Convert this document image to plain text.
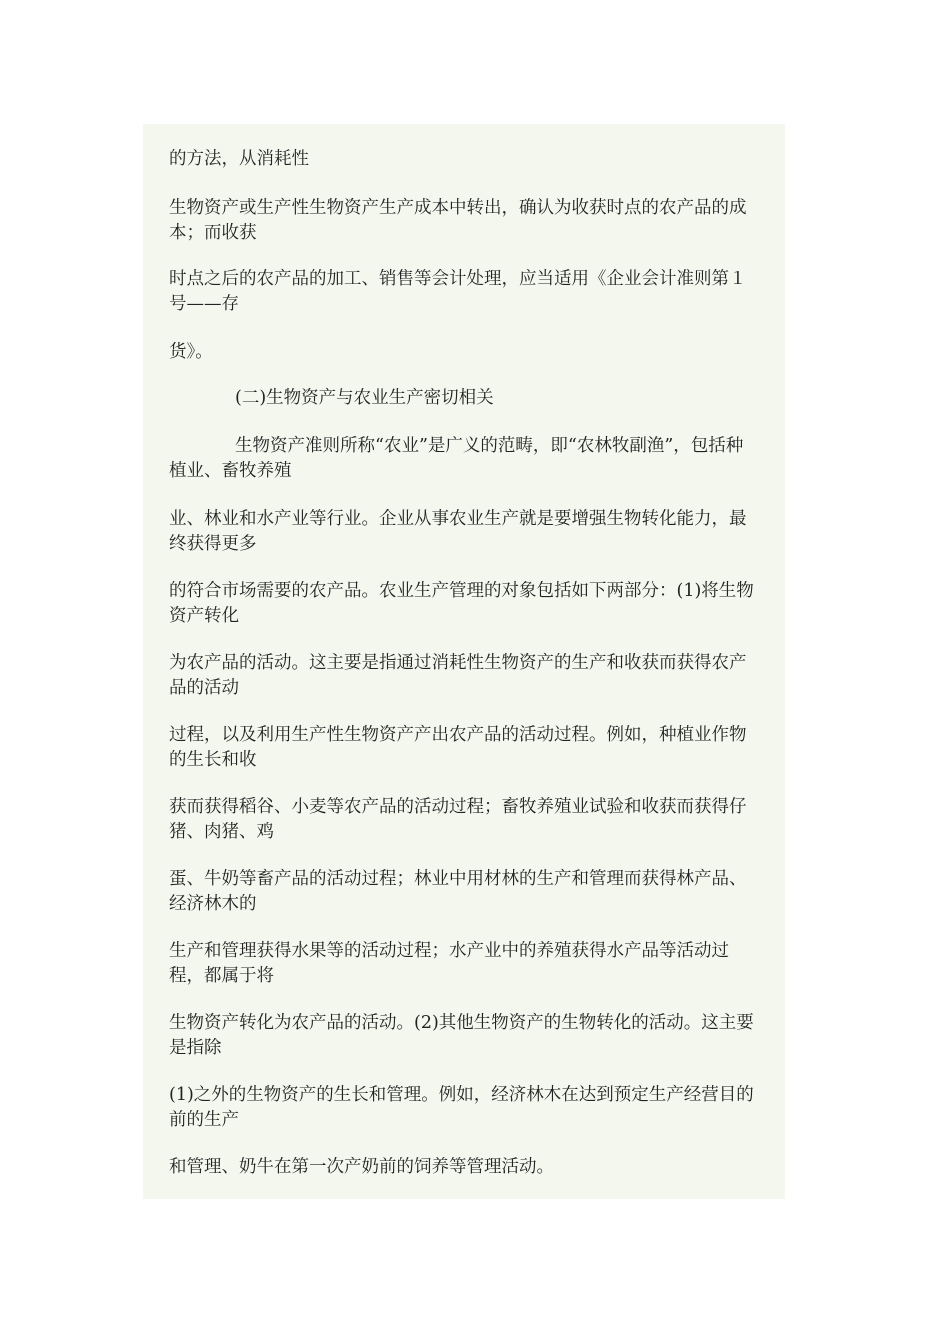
的方法，从消耗性

生物资产或生产性生物资产生产成本中转出，确认为收获时点的农产品的成本；而收获

时点之后的农产品的加工、销售等会计处理，应当适用《企业会计准则第１号——存

货》。

(二)生物资产与农业生产密切相关

生物资产准则所称“农业”是广义的范畴，即“农林牧副渔”，包括种植业、畜牧养殖

业、林业和水产业等行业。企业从事农业生产就是要增强生物转化能力，最终获得更多

的符合市场需要的农产品。农业生产管理的对象包括如下两部分：(1)将生物资产转化

为农产品的活动。这主要是指通过消耗性生物资产的生产和收获而获得农产品的活动

过程，以及利用生产性生物资产产出农产品的活动过程。例如，种植业作物的生长和收

获而获得稻谷、小麦等农产品的活动过程；畜牧养殖业试验和收获而获得仔猪、肉猪、鸡

蛋、牛奶等畜产品的活动过程；林业中用材林的生产和管理而获得林产品、经济林木的

生产和管理获得水果等的活动过程；水产业中的养殖获得水产品等活动过程，都属于将

生物资产转化为农产品的活动。(2)其他生物资产的生物转化的活动。这主要是指除

(1)之外的生物资产的生长和管理。例如，经济林木在达到预定生产经营目的前的生产

和管理、奶牛在第一次产奶前的饲养等管理活动。
